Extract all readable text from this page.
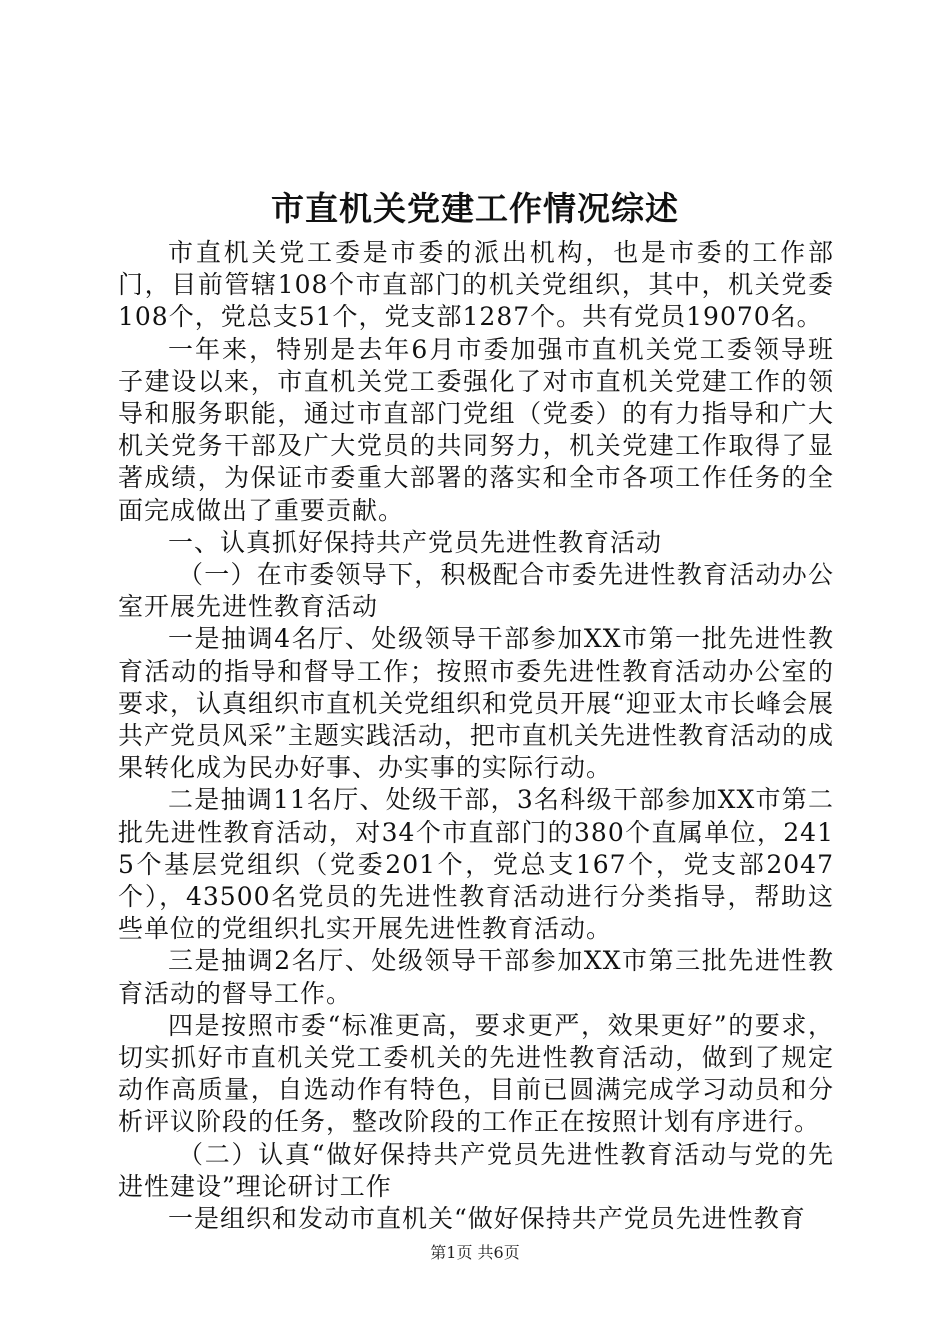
市直机关党建工作情况综述

市直机关党工委是市委的派出机构，也是市委的工作部门，目前管辖108个市直部门的机关党组织，其中，机关党委108个，党总支51个，党支部1287个。共有党员19070名。

一年来，特别是去年6月市委加强市直机关党工委领导班子建设以来，市直机关党工委强化了对市直机关党建工作的领导和服务职能，通过市直部门党组（党委）的有力指导和广大机关党务干部及广大党员的共同努力，机关党建工作取得了显著成绩，为保证市委重大部署的落实和全市各项工作任务的全面完成做出了重要贡献。

一、认真抓好保持共产党员先进性教育活动

（一）在市委领导下，积极配合市委先进性教育活动办公室开展先进性教育活动

一是抽调4名厅、处级领导干部参加XX市第一批先进性教育活动的指导和督导工作；按照市委先进性教育活动办公室的要求，认真组织市直机关党组织和党员开展“迎亚太市长峰会展共产党员风采”主题实践活动，把市直机关先进性教育活动的成果转化成为民办好事、办实事的实际行动。

二是抽调11名厅、处级干部，3名科级干部参加XX市第二批先进性教育活动，对34个市直部门的380个直属单位，2415个基层党组织（党委201个，党总支167个，党支部2047个），43500名党员的先进性教育活动进行分类指导，帮助这些单位的党组织扎实开展先进性教育活动。

三是抽调2名厅、处级领导干部参加XX市第三批先进性教育活动的督导工作。

四是按照市委“标准更高，要求更严，效果更好”的要求，切实抓好市直机关党工委机关的先进性教育活动，做到了规定动作高质量，自选动作有特色，目前已圆满完成学习动员和分析评议阶段的任务，整改阶段的工作正在按照计划有序进行。

（二）认真“做好保持共产党员先进性教育活动与党的先进性建设”理论研讨工作

一是组织和发动市直机关“做好保持共产党员先进性教育

第1页 共6页
